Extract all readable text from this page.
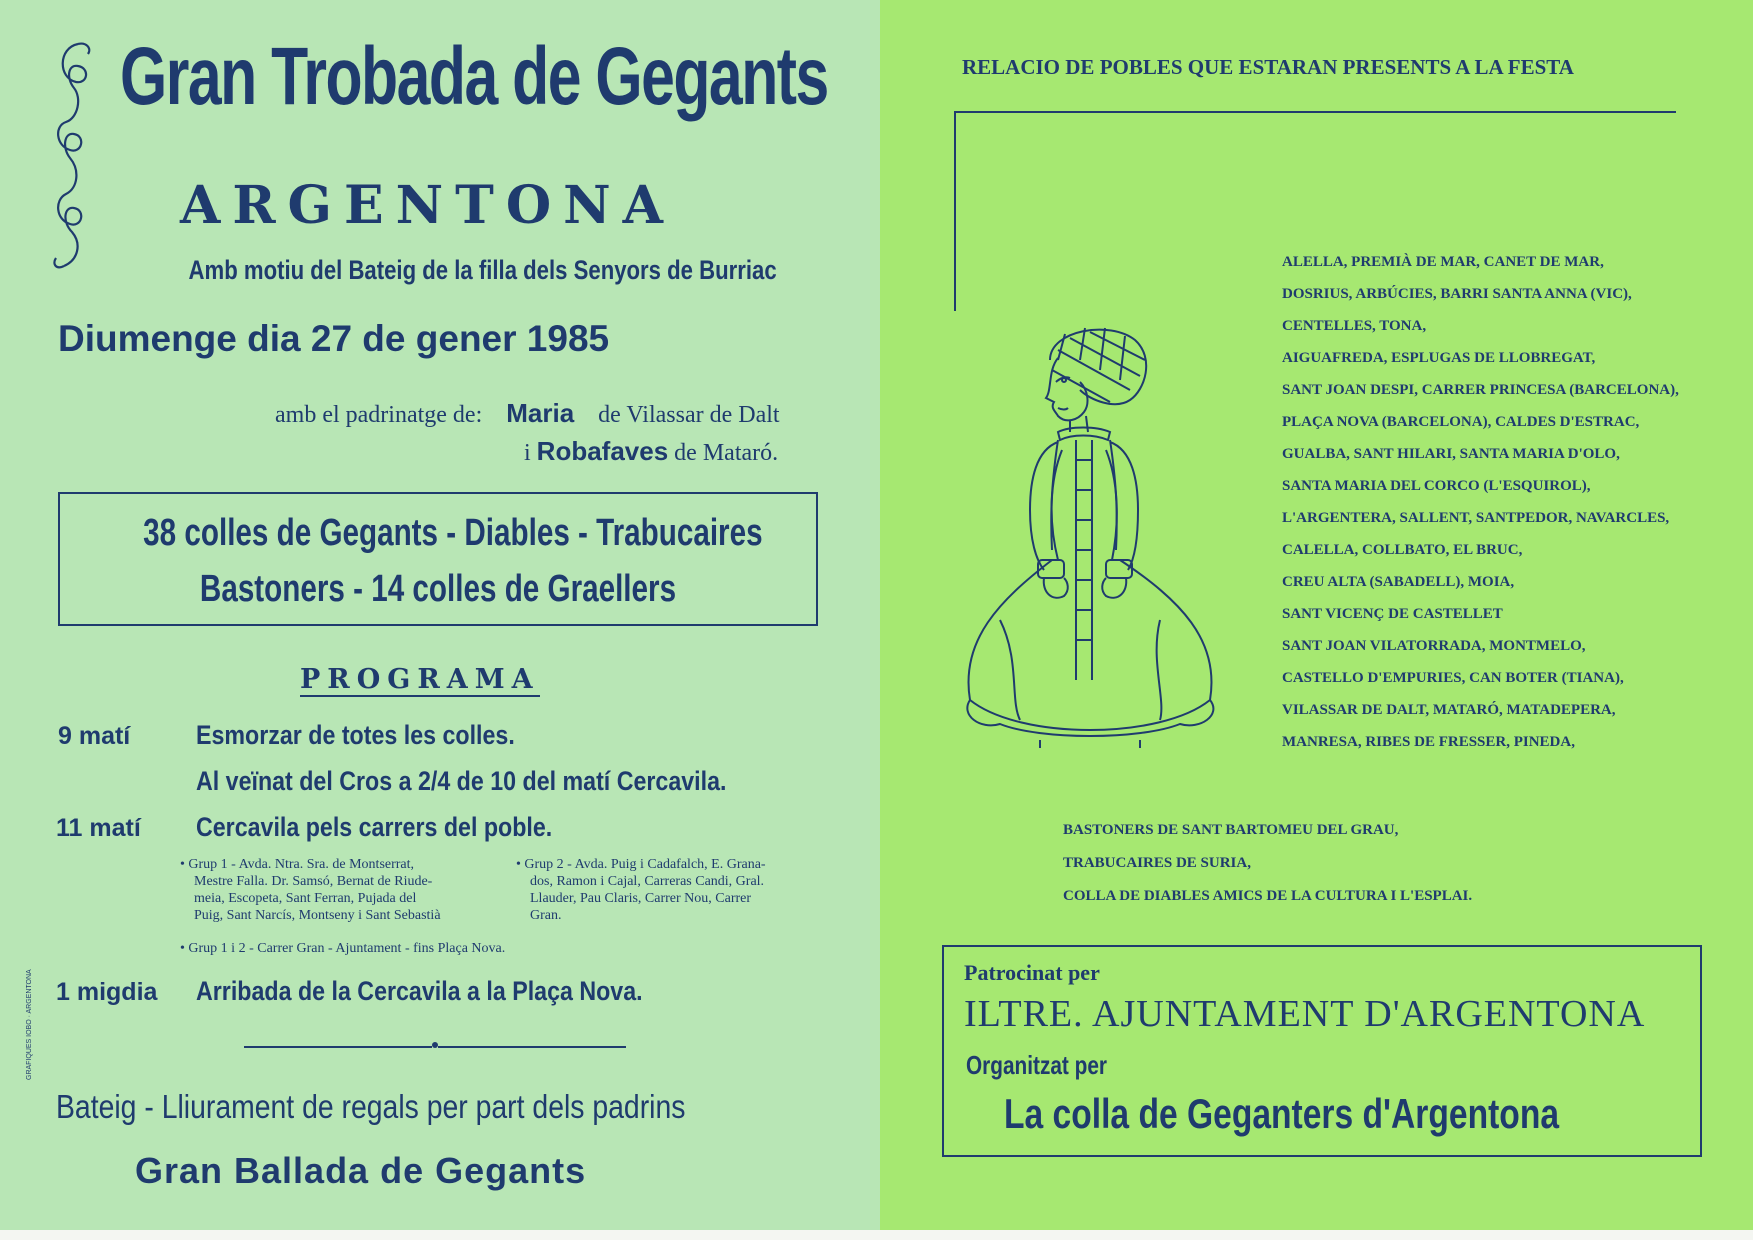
Gran Trobada de Gegants
ARGENTONA
Amb motiu del Bateig de la filla dels Senyors de Burriac
Diumenge dia 27 de gener 1985
amb el padrinatge de: Maria de Vilassar de Dalt
i Robafaves de Mataró.
38 colles de Gegants - Diables - Trabucaires
Bastoners - 14 colles de Graellers
PROGRAMA
9 matí Esmorzar de totes les colles.
Al veïnat del Cros a 2/4 de 10 del matí Cercavila.
11 matí Cercavila pels carrers del poble.

• Grup 1 - Avda. Ntra. Sra. de Montserrat,

Mestre Falla. Dr. Samsó, Bernat de Riude-

meia, Escopeta, Sant Ferran, Pujada del

Puig, Sant Narcís, Montseny i Sant Sebastià

• Grup 2 - Avda. Puig i Cadafalch, E. Grana-

dos, Ramon i Cajal, Carreras Candi, Gral.

Llauder, Pau Claris, Carrer Nou, Carrer

Gran.

• Grup 1 i 2 - Carrer Gran - Ajuntament - fins Plaça Nova.
1 migdia Arribada de la Cercavila a la Plaça Nova.
Bateig - Lliurament de regals per part dels padrins
Gran Ballada de Gegants
GRAFIQUES IOBO · ARGENTONA
RELACIO DE POBLES QUE ESTARAN PRESENTS A LA FESTA
ALELLA, PREMIÀ DE MAR, CANET DE MAR,
DOSRIUS, ARBÚCIES, BARRI SANTA ANNA (VIC),
CENTELLES, TONA,
AIGUAFREDA, ESPLUGAS DE LLOBREGAT,
SANT JOAN DESPI, CARRER PRINCESA (BARCELONA),
PLAÇA NOVA (BARCELONA), CALDES D'ESTRAC,
GUALBA, SANT HILARI, SANTA MARIA D'OLO,
SANTA MARIA DEL CORCO (L'ESQUIROL),
L'ARGENTERA, SALLENT, SANTPEDOR, NAVARCLES,
CALELLA, COLLBATO, EL BRUC,
CREU ALTA (SABADELL), MOIA,
SANT VICENÇ DE CASTELLET
SANT JOAN VILATORRADA, MONTMELO,
CASTELLO D'EMPURIES, CAN BOTER (TIANA),
VILASSAR DE DALT, MATARÓ, MATADEPERA,
MANRESA, RIBES DE FRESSER, PINEDA,
BASTONERS DE SANT BARTOMEU DEL GRAU,
TRABUCAIRES DE SURIA,
COLLA DE DIABLES AMICS DE LA CULTURA I L'ESPLAI.
Patrocinat per
ILTRE. AJUNTAMENT D'ARGENTONA
Organitzat per
La colla de Geganters d'Argentona
